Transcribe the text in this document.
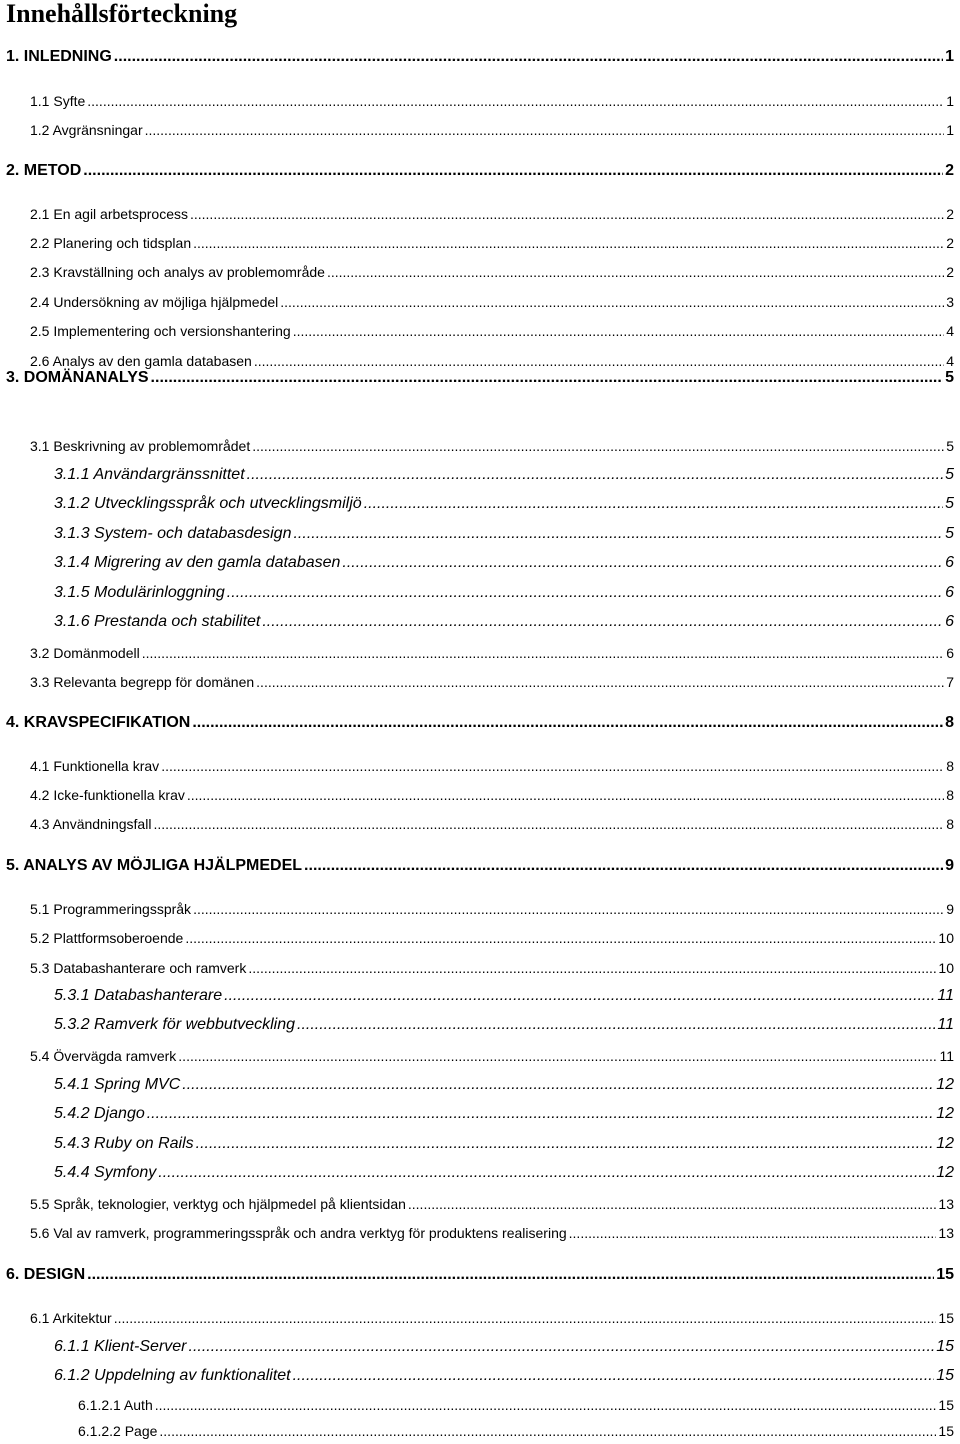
Innehållsförteckning
1. INLEDNING .....	1
1.1 Syfte .....	1
1.2 Avgränsningar .....	1
2. METOD .....	2
2.1 En agil arbetsprocess .....	2
2.2 Planering och tidsplan .....	2
2.3 Kravställning och analys av problemområde .....	2
2.4 Undersökning av möjliga hjälpmedel .....	3
2.5 Implementering och versionshantering .....	4
2.6 Analys av den gamla databasen .....	4
3. DOMÄNANALYS .....	5
3.1 Beskrivning av problemområdet .....	5
3.1.1 Användargränssnittet .....	5
3.1.2 Utvecklingsspråk och utvecklingsmiljö .....	5
3.1.3 System- och databasdesign .....	5
3.1.4 Migrering av den gamla databasen .....	6
3.1.5 Modulärinloggning .....	6
3.1.6 Prestanda och stabilitet .....	6
3.2 Domänmodell .....	6
3.3 Relevanta begrepp för domänen .....	7
4. KRAVSPECIFIKATION .....	8
4.1 Funktionella krav .....	8
4.2 Icke-funktionella krav .....	8
4.3 Användningsfall .....	8
5. ANALYS AV MÖJLIGA HJÄLPMEDEL .....	9
5.1 Programmeringsspråk .....	9
5.2 Plattformsoberoende .....	10
5.3 Databashanterare och ramverk .....	10
5.3.1 Databashanterare .....	11
5.3.2 Ramverk för webbutveckling .....	11
5.4 Övervägda ramverk .....	11
5.4.1 Spring MVC .....	12
5.4.2 Django .....	12
5.4.3 Ruby on Rails .....	12
5.4.4 Symfony .....	12
5.5 Språk, teknologier, verktyg och hjälpmedel på klientsidan .....	13
5.6 Val av ramverk, programmeringsspråk och andra verktyg för produktens realisering .....	13
6. DESIGN .....	15
6.1 Arkitektur .....	15
6.1.1 Klient-Server .....	15
6.1.2 Uppdelning av funktionalitet .....	15
6.1.2.1 Auth .....	15
6.1.2.2 Page .....	15
